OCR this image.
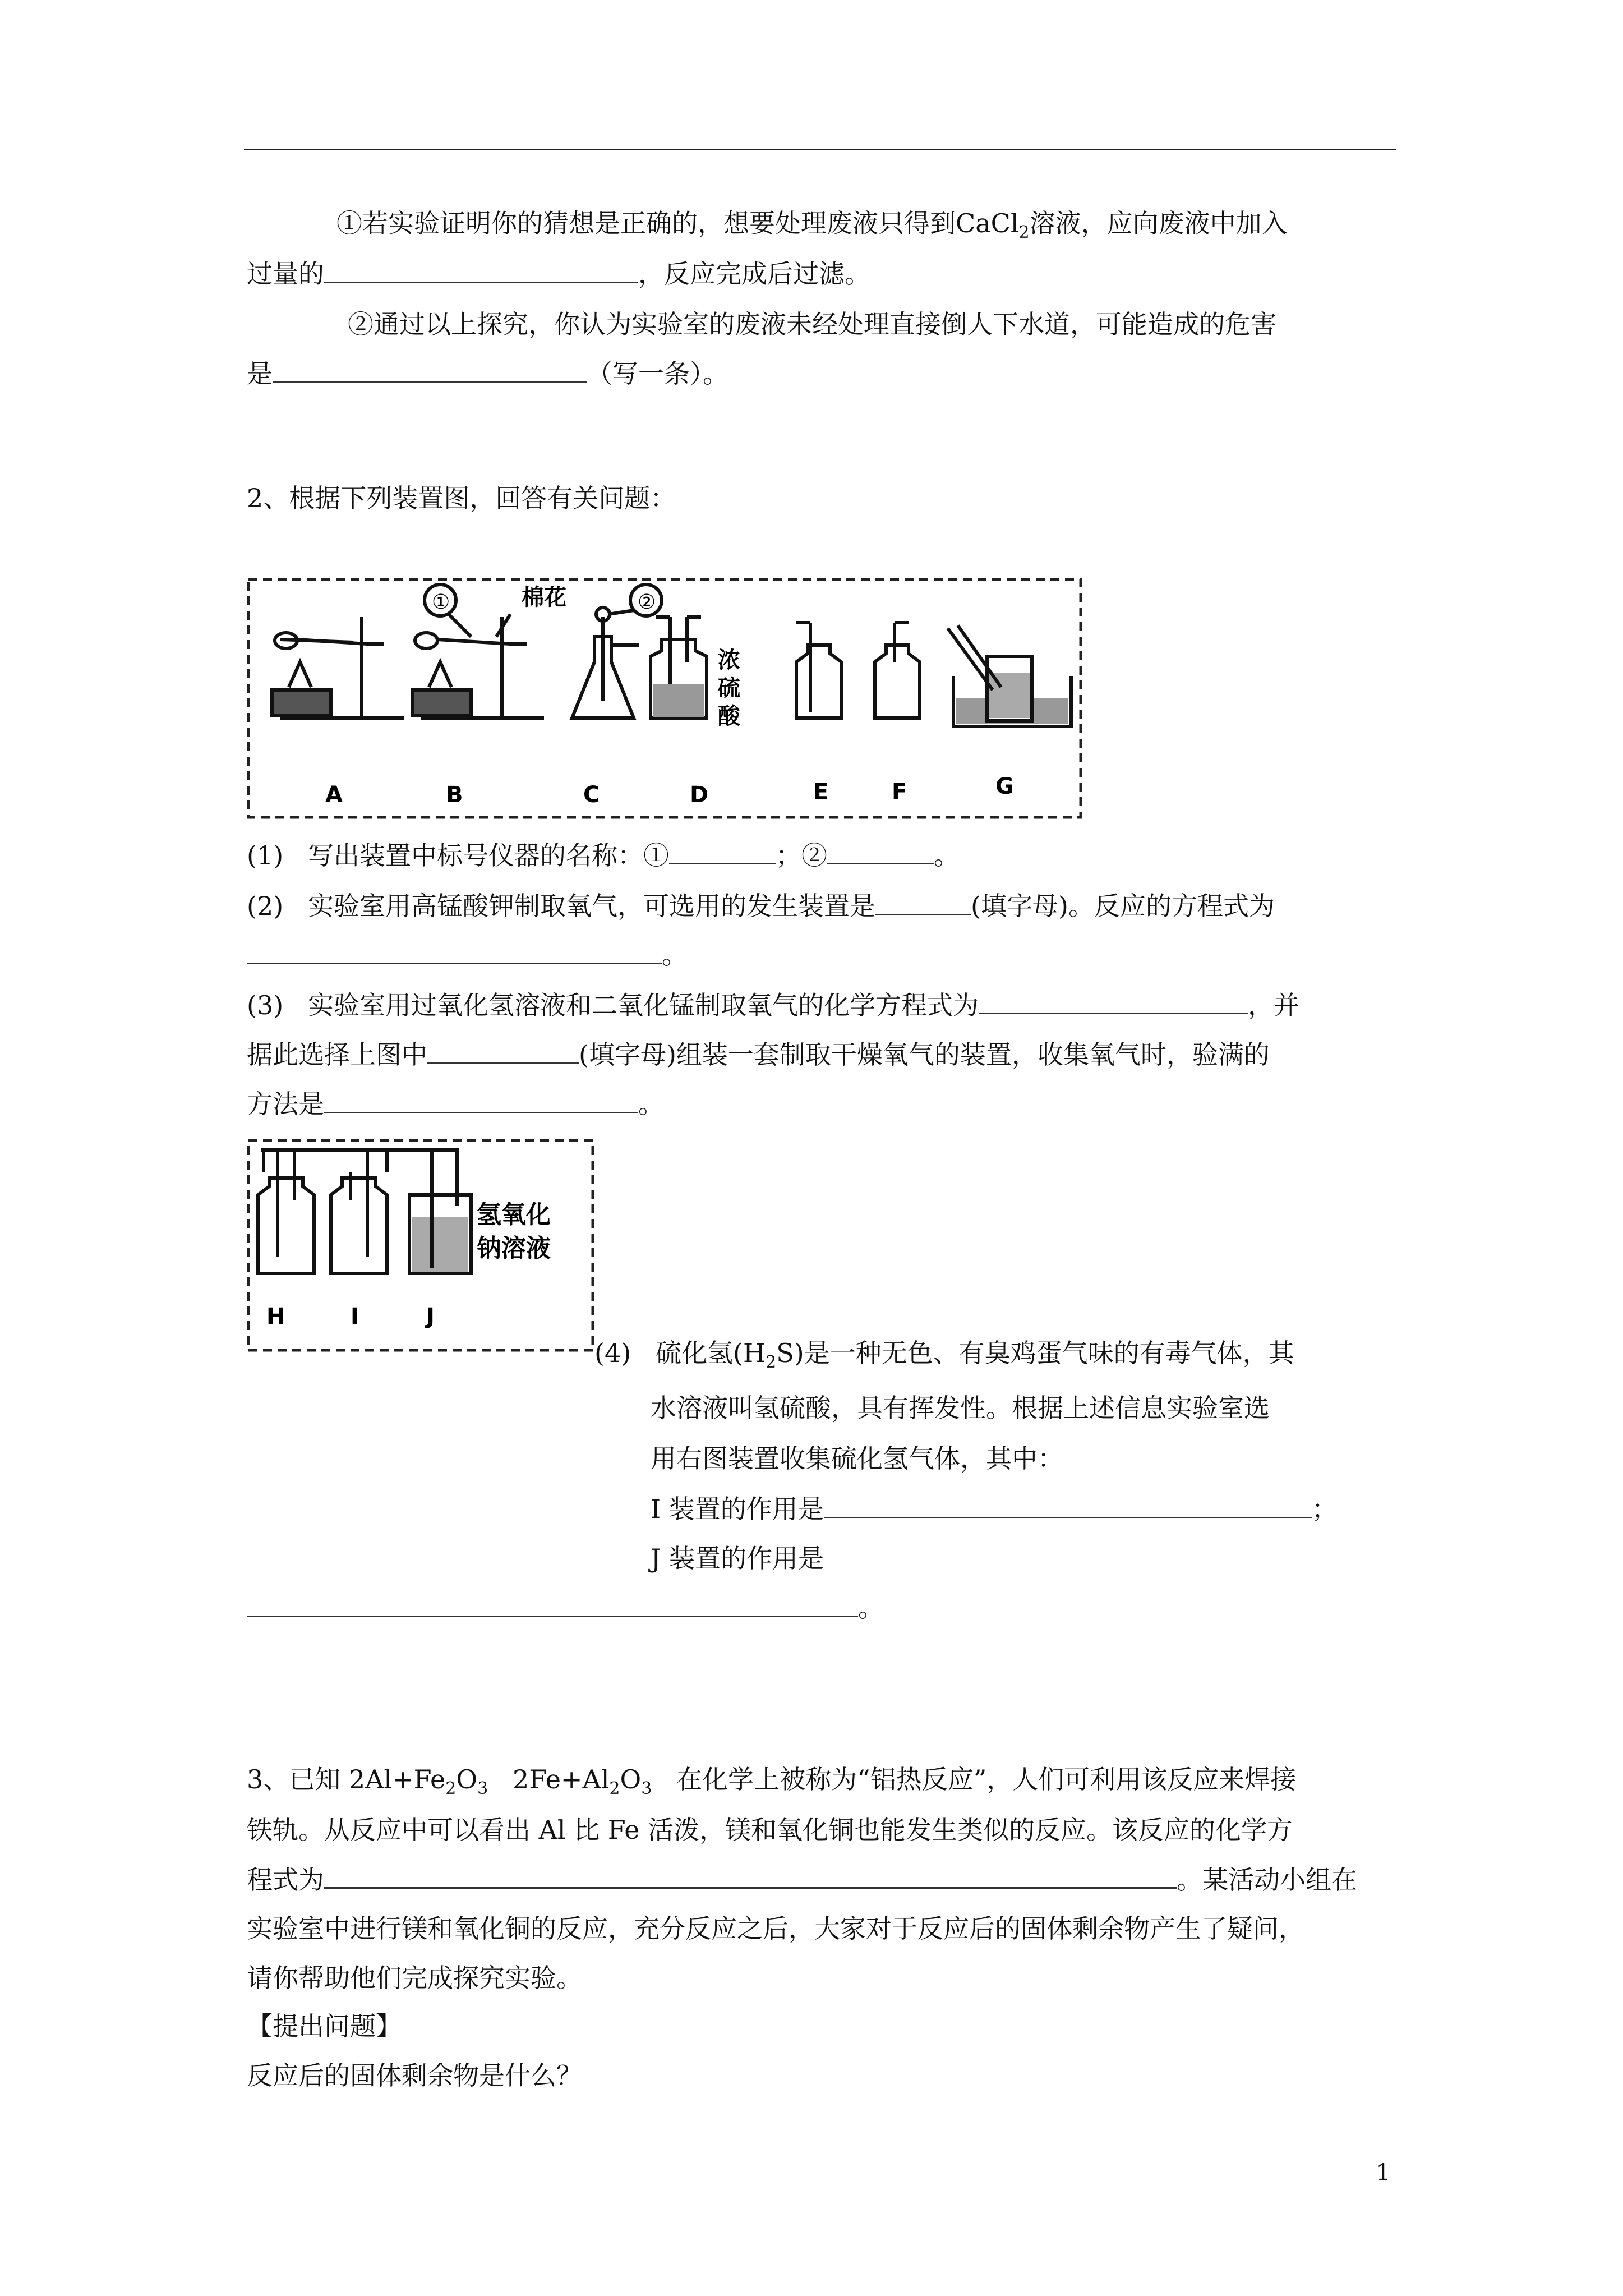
①若实验证明你的猜想是正确的，想要处理废液只得到CaCl$_2$溶液，应向废液中加入
过量的	，反应完成后过滤。
②通过以上探究，你认为实验室的废液未经处理直接倒人下水道，可能造成的危害
是	（写一条）。
2、根据下列装置图，回答有关问题：
棉花
①	②
浓
硫
酸
A	B	C	D	E	F	G
(1) 写出装置中标号仪器的名称：①	；②	。
(2) 实验室用高锰酸钾制取氧气，可选用的发生装置是	(填字母)。反应的方程式为
。
(3) 实验室用过氧化氢溶液和二氧化锰制取氧气的化学方程式为	，并
据此选择上图中	(填字母)组装一套制取干燥氧气的装置，收集氧气时，验满的
方法是	。
氢氧化
钠溶液
H	I	J
(4) 硫化氢$(H_2S)$是一种无色、有臭鸡蛋气味的有毒气体，其
水溶液叫氢硫酸，具有挥发性。根据上述信息实验室选
用右图装置收集硫化氢气体，其中：
I 装置的作用是	；
J 装置的作用是
。
3、已知 $2Al+Fe_2O_3$   $2Fe+Al_2O_3$   在化学上被称为“铝热反应”，人们可利用该反应来焊接
铁轨。从反应中可以看出 Al 比 Fe 活泼，镁和氧化铜也能发生类似的反应。该反应的化学方
程式为	。某活动小组在
实验室中进行镁和氧化铜的反应，充分反应之后，大家对于反应后的固体剩余物产生了疑问，
请你帮助他们完成探究实验。
【提出问题】
反应后的固体剩余物是什么？
1
